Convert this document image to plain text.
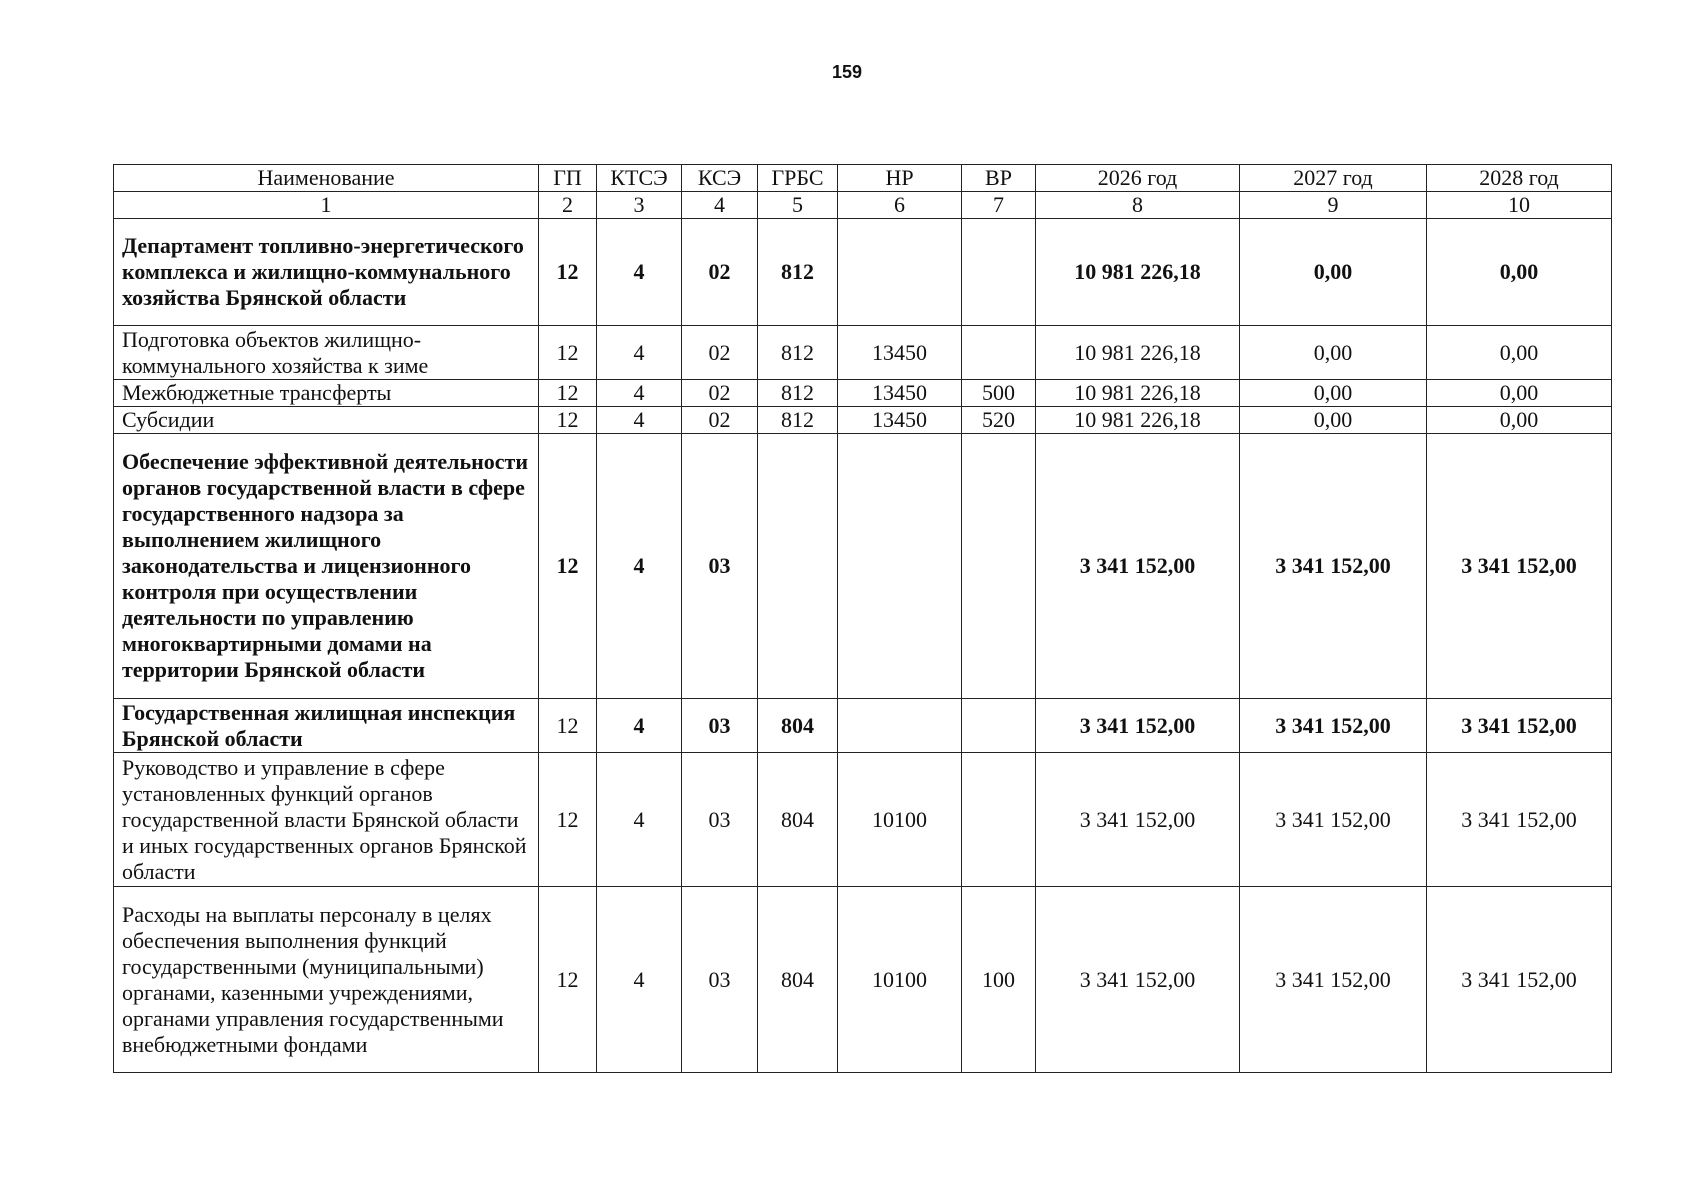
159
Наименование	ГП	КТСЭ	КСЭ	ГРБС	НР	ВР	2026 год	2027 год	2028 год
1	2	3	4	5	6	7	8	9	10
Департамент топливно-энергетического комплекса и жилищно-коммунального хозяйства Брянской области	12	4	02	812			10 981 226,18	0,00	0,00
Подготовка объектов жилищно-коммунального хозяйства к зиме	12	4	02	812	13450		10 981 226,18	0,00	0,00
Межбюджетные трансферты	12	4	02	812	13450	500	10 981 226,18	0,00	0,00
Субсидии	12	4	02	812	13450	520	10 981 226,18	0,00	0,00
Обеспечение эффективной деятельности органов государственной власти в сфере государственного надзора за выполнением жилищного законодательства и лицензионного контроля при осуществлении деятельности по управлению многоквартирными домами на территории Брянской области	12	4	03				3 341 152,00	3 341 152,00	3 341 152,00
Государственная жилищная инспекция Брянской области	12	4	03	804			3 341 152,00	3 341 152,00	3 341 152,00
Руководство и управление в сфере установленных функций органов государственной власти Брянской области и иных государственных органов Брянской области	12	4	03	804	10100		3 341 152,00	3 341 152,00	3 341 152,00
Расходы на выплаты персоналу в целях обеспечения выполнения функций государственными (муниципальными) органами, казенными учреждениями, органами управления государственными внебюджетными фондами	12	4	03	804	10100	100	3 341 152,00	3 341 152,00	3 341 152,00
